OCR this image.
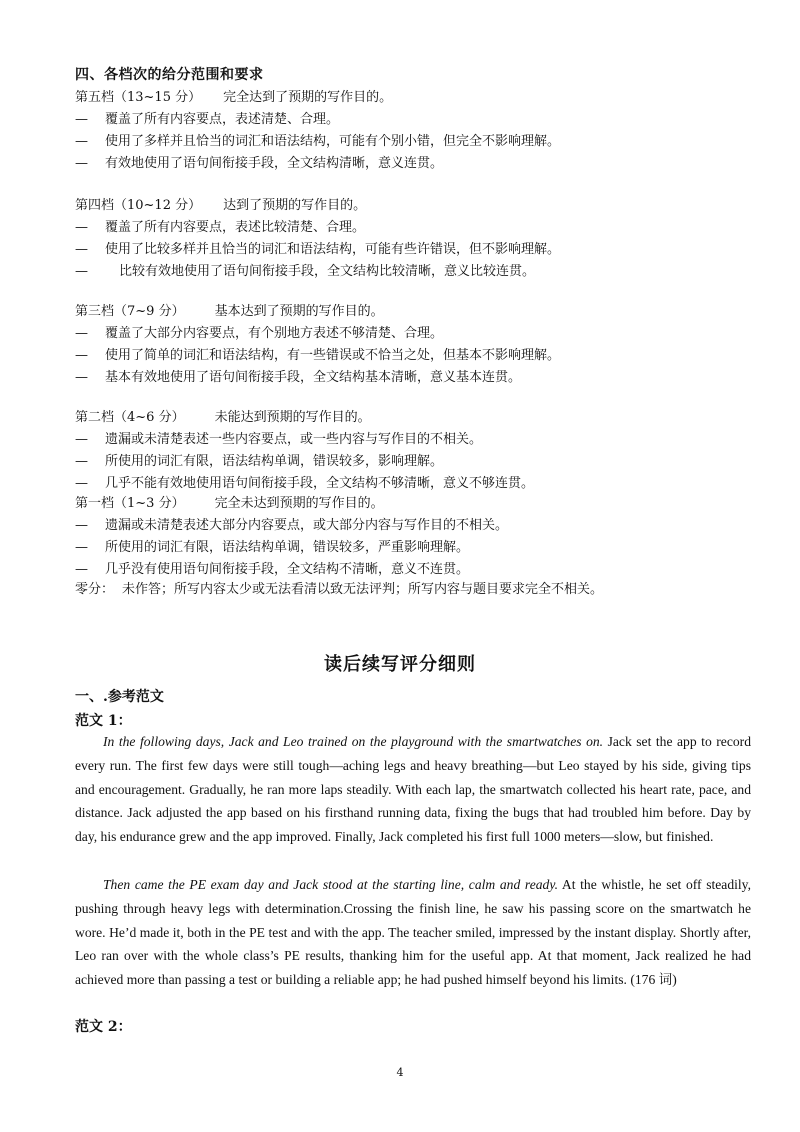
四、各档次的给分范围和要求
第五档（13~15 分） 完全达到了预期的写作目的。
— 覆盖了所有内容要点，表述清楚、合理。
— 使用了多样并且恰当的词汇和语法结构，可能有个别小错，但完全不影响理解。
— 有效地使用了语句间衔接手段，全文结构清晰，意义连贯。
第四档（10~12 分） 达到了预期的写作目的。
— 覆盖了所有内容要点，表述比较清楚、合理。
— 使用了比较多样并且恰当的词汇和语法结构，可能有些许错误，但不影响理解。
— 比较有效地使用了语句间衔接手段，全文结构比较清晰，意义比较连贯。
第三档（7~9 分） 基本达到了预期的写作目的。
— 覆盖了大部分内容要点，有个别地方表述不够清楚、合理。
— 使用了简单的词汇和语法结构，有一些错误或不恰当之处，但基本不影响理解。
— 基本有效地使用了语句间衔接手段，全文结构基本清晰，意义基本连贯。
第二档（4~6 分） 未能达到预期的写作目的。
— 遗漏或未清楚表述一些内容要点，或一些内容与写作目的不相关。
— 所使用的词汇有限，语法结构单调，错误较多，影响理解。
— 几乎不能有效地使用语句间衔接手段，全文结构不够清晰，意义不够连贯。
第一档（1~3 分） 完全未达到预期的写作目的。
— 遗漏或未清楚表述大部分内容要点，或大部分内容与写作目的不相关。
— 所使用的词汇有限，语法结构单调，错误较多，严重影响理解。
— 几乎没有使用语句间衔接手段，全文结构不清晰，意义不连贯。
零分： 未作答；所写内容太少或无法看清以致无法评判；所写内容与题目要求完全不相关。
读后续写评分细则
一、.参考范文
范文 1：

In the following days, Jack and Leo trained on the playground with the smartwatches on. Jack set the app to record every run. The first few days were still tough—aching legs and heavy breathing—but Leo stayed by his side, giving tips and encouragement. Gradually, he ran more laps steadily. With each lap, the smartwatch collected his heart rate, pace, and distance. Jack adjusted the app based on his firsthand running data, fixing the bugs that had troubled him before. Day by day, his endurance grew and the app improved. Finally, Jack completed his first full 1000 meters—slow, but finished.

Then came the PE exam day and Jack stood at the starting line, calm and ready. At the whistle, he set off steadily, pushing through heavy legs with determination.Crossing the finish line, he saw his passing score on the smartwatch he wore. He’d made it, both in the PE test and with the app. The teacher smiled, impressed by the instant display. Shortly after, Leo ran over with the whole class’s PE results, thanking him for the useful app. At that moment, Jack realized he had achieved more than passing a test or building a reliable app; he had pushed himself beyond his limits. (176 词)

范文 2：
4
